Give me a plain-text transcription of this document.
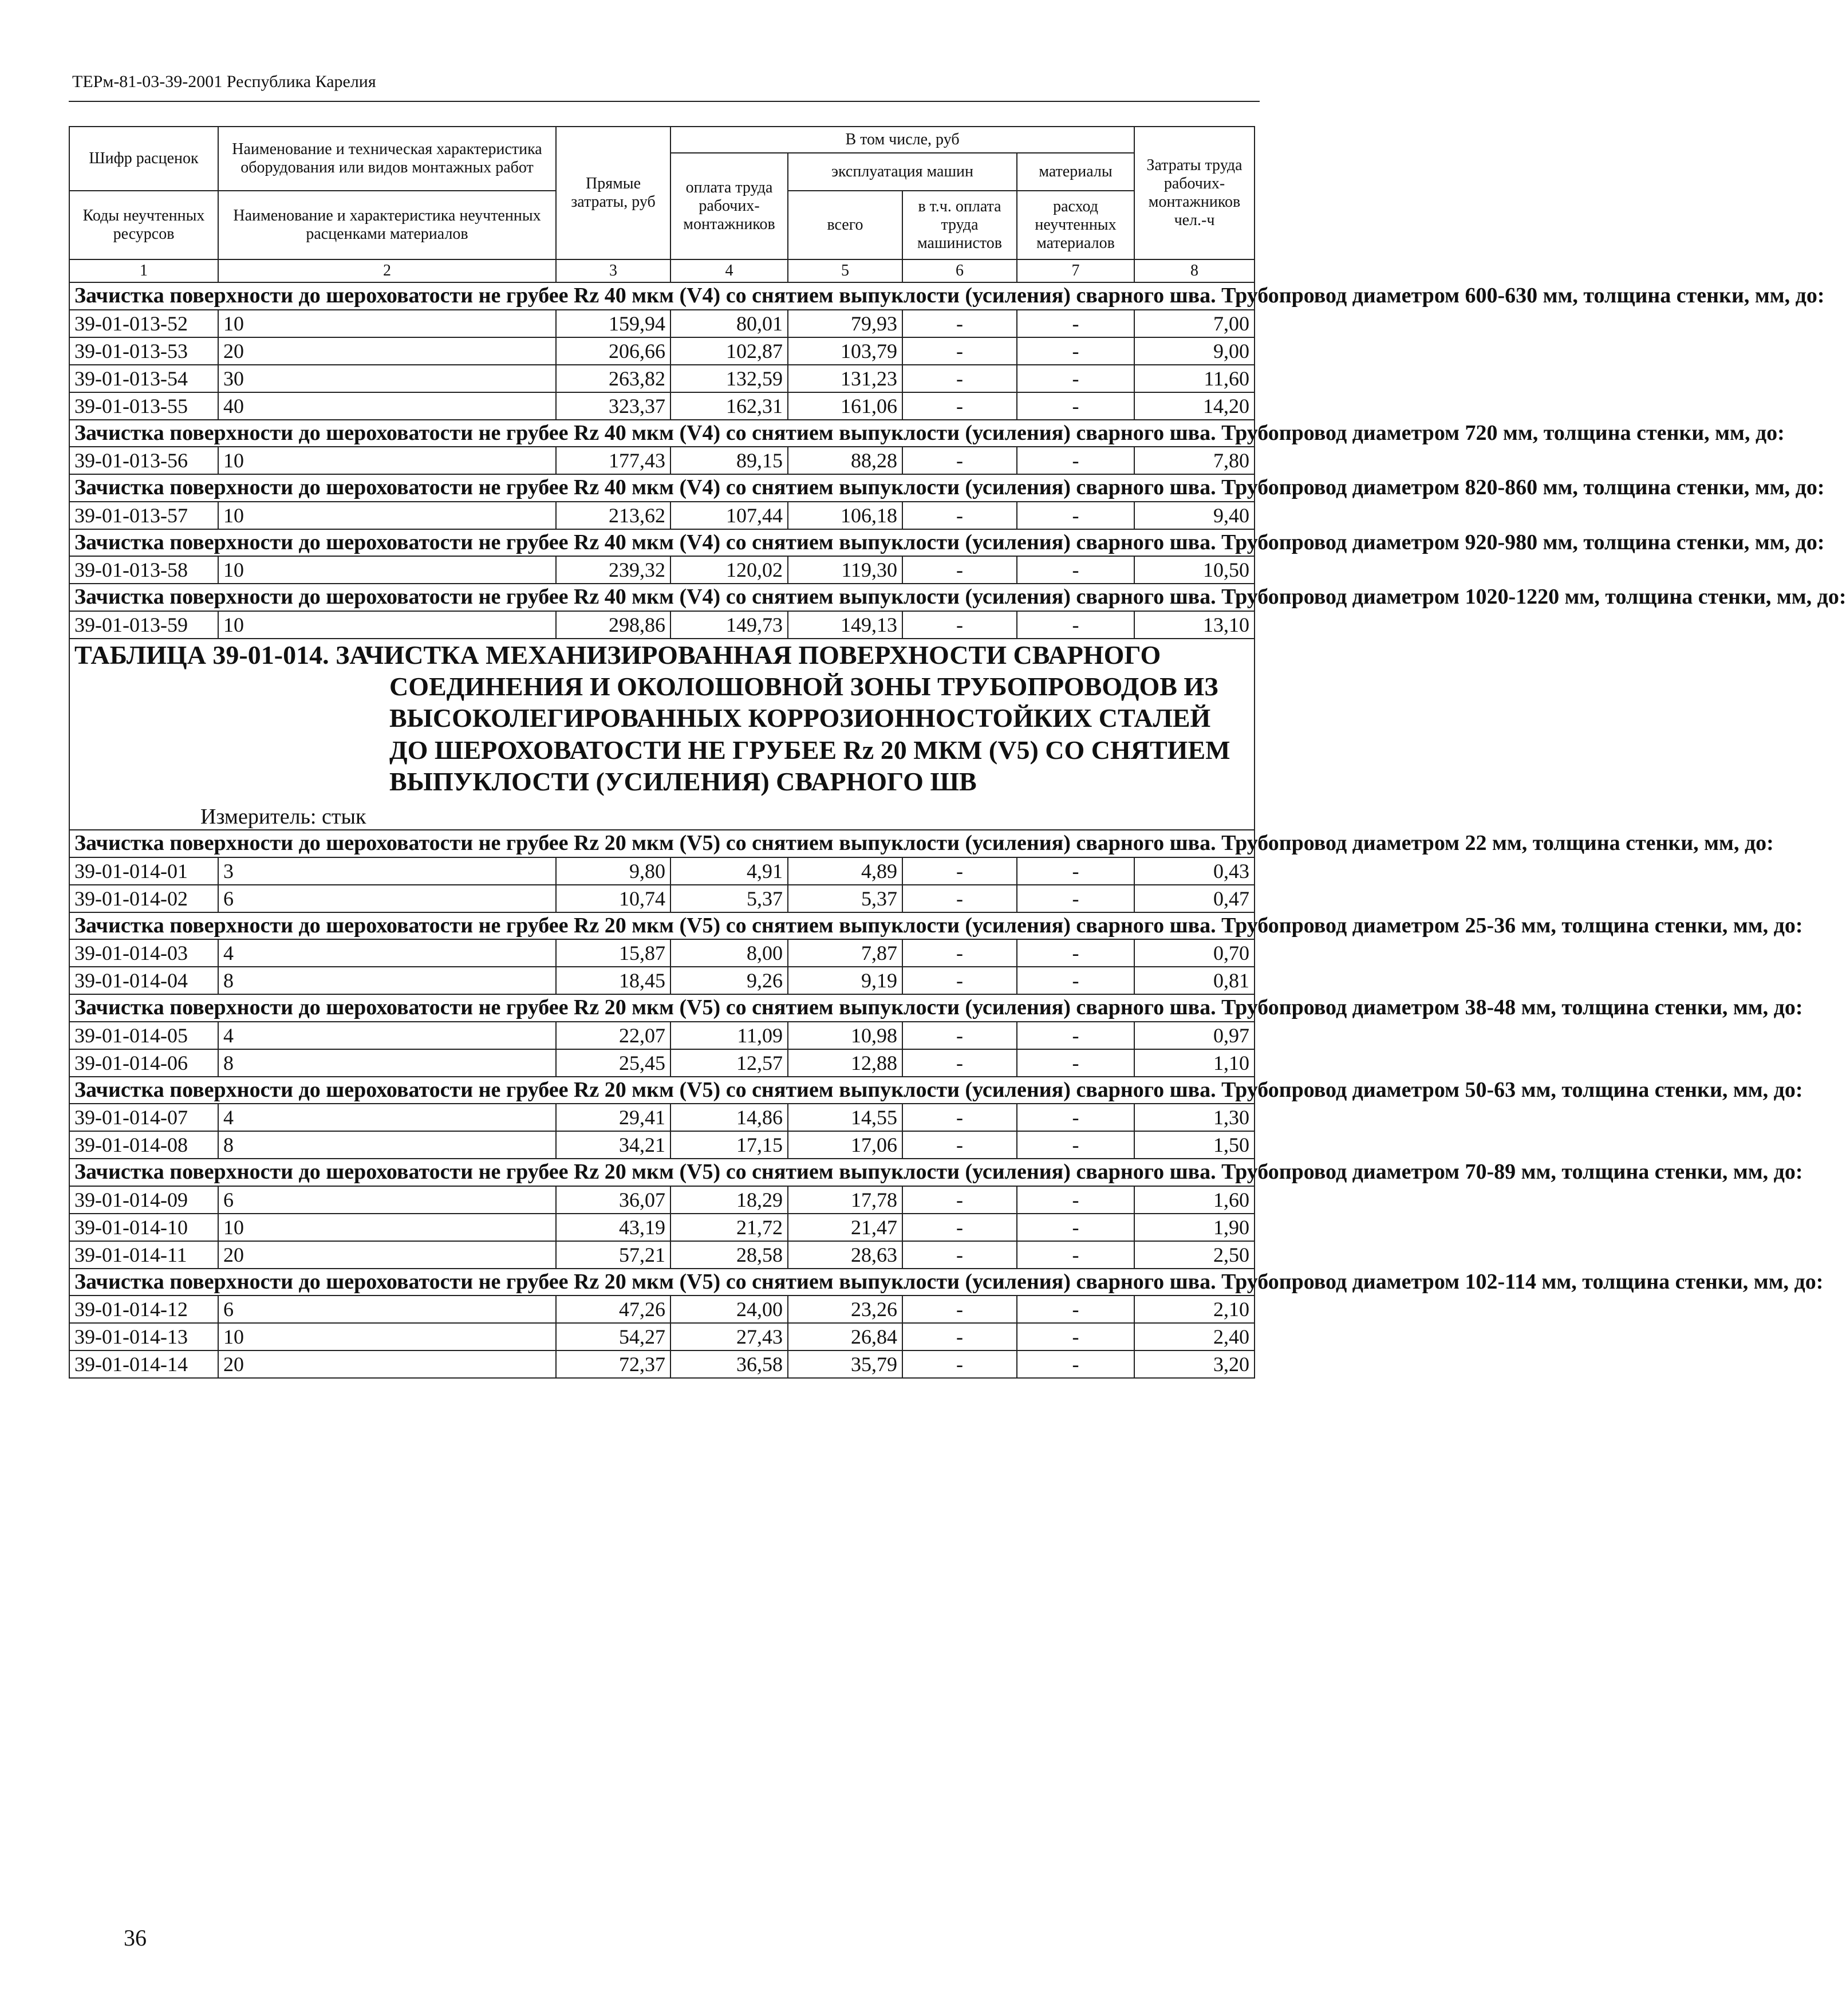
ТЕРм-81-03-39-2001 Республика Карелия
Шифр расценок	Наименование и техническая характеристика оборудования или видов монтажных работ	Прямые затраты, руб	В том числе, руб				Затраты труда рабочих-монтажников чел.-ч
			оплата труда рабочих-монтажников	эксплуатация машин		материалы	
Коды неучтенных ресурсов	Наименование и характеристика неучтенных расценками материалов			всего	в т.ч. оплата труда машинистов	расход неучтенных материалов	

1	2	3	4	5	6	7	8
Зачистка поверхности до шероховатости не грубее Rz 40 мкм (V4) со снятием выпуклости (усиления) сварного шва. Трубопровод диаметром 600-630 мм, толщина стенки, мм, до:							
39-01-013-52	10	159,94	80,01	79,93	-	-	7,00
39-01-013-53	20	206,66	102,87	103,79	-	-	9,00
39-01-013-54	30	263,82	132,59	131,23	-	-	11,60
39-01-013-55	40	323,37	162,31	161,06	-	-	14,20
Зачистка поверхности до шероховатости не грубее Rz 40 мкм (V4) со снятием выпуклости (усиления) сварного шва. Трубопровод диаметром 720 мм, толщина стенки, мм, до:							
39-01-013-56	10	177,43	89,15	88,28	-	-	7,80
Зачистка поверхности до шероховатости не грубее Rz 40 мкм (V4) со снятием выпуклости (усиления) сварного шва. Трубопровод диаметром 820-860 мм, толщина стенки, мм, до:							
39-01-013-57	10	213,62	107,44	106,18	-	-	9,40
Зачистка поверхности до шероховатости не грубее Rz 40 мкм (V4) со снятием выпуклости (усиления) сварного шва. Трубопровод диаметром 920-980 мм, толщина стенки, мм, до:							
39-01-013-58	10	239,32	120,02	119,30	-	-	10,50
Зачистка поверхности до шероховатости не грубее Rz 40 мкм (V4) со снятием выпуклости (усиления) сварного шва. Трубопровод диаметром 1020-1220 мм, толщина стенки, мм, до:							
39-01-013-59	10	298,86	149,73	149,13	-	-	13,10

ТАБЛИЦА 39-01-014. ЗАЧИСТКА МЕХАНИЗИРОВАННАЯ ПОВЕРХНОСТИ СВАРНОГО СОЕДИНЕНИЯ И ОКОЛОШОВНОЙ ЗОНЫ ТРУБОПРОВОДОВ ИЗ ВЫСОКОЛЕГИРОВАННЫХ КОРРОЗИОННОСТОЙКИХ СТАЛЕЙ ДО ШЕРОХОВАТОСТИ НЕ ГРУБЕЕ Rz 20 МКМ (V5) СО СНЯТИЕМ ВЫПУКЛОСТИ (УСИЛЕНИЯ) СВАРНОГО ШВ
Измеритель: стык							

Зачистка поверхности до шероховатости не грубее Rz 20 мкм (V5) со снятием выпуклости (усиления) сварного шва. Трубопровод диаметром 22 мм, толщина стенки, мм, до:							
39-01-014-01	3	9,80	4,91	4,89	-	-	0,43
39-01-014-02	6	10,74	5,37	5,37	-	-	0,47
Зачистка поверхности до шероховатости не грубее Rz 20 мкм (V5) со снятием выпуклости (усиления) сварного шва. Трубопровод диаметром 25-36 мм, толщина стенки, мм, до:							
39-01-014-03	4	15,87	8,00	7,87	-	-	0,70
39-01-014-04	8	18,45	9,26	9,19	-	-	0,81
Зачистка поверхности до шероховатости не грубее Rz 20 мкм (V5) со снятием выпуклости (усиления) сварного шва. Трубопровод диаметром 38-48 мм, толщина стенки, мм, до:							
39-01-014-05	4	22,07	11,09	10,98	-	-	0,97
39-01-014-06	8	25,45	12,57	12,88	-	-	1,10
Зачистка поверхности до шероховатости не грубее Rz 20 мкм (V5) со снятием выпуклости (усиления) сварного шва. Трубопровод диаметром 50-63 мм, толщина стенки, мм, до:							
39-01-014-07	4	29,41	14,86	14,55	-	-	1,30
39-01-014-08	8	34,21	17,15	17,06	-	-	1,50
Зачистка поверхности до шероховатости не грубее Rz 20 мкм (V5) со снятием выпуклости (усиления) сварного шва. Трубопровод диаметром 70-89 мм, толщина стенки, мм, до:							
39-01-014-09	6	36,07	18,29	17,78	-	-	1,60
39-01-014-10	10	43,19	21,72	21,47	-	-	1,90
39-01-014-11	20	57,21	28,58	28,63	-	-	2,50
Зачистка поверхности до шероховатости не грубее Rz 20 мкм (V5) со снятием выпуклости (усиления) сварного шва. Трубопровод диаметром 102-114 мм, толщина стенки, мм, до:							
39-01-014-12	6	47,26	24,00	23,26	-	-	2,10
39-01-014-13	10	54,27	27,43	26,84	-	-	2,40
39-01-014-14	20	72,37	36,58	35,79	-	-	3,20
36
